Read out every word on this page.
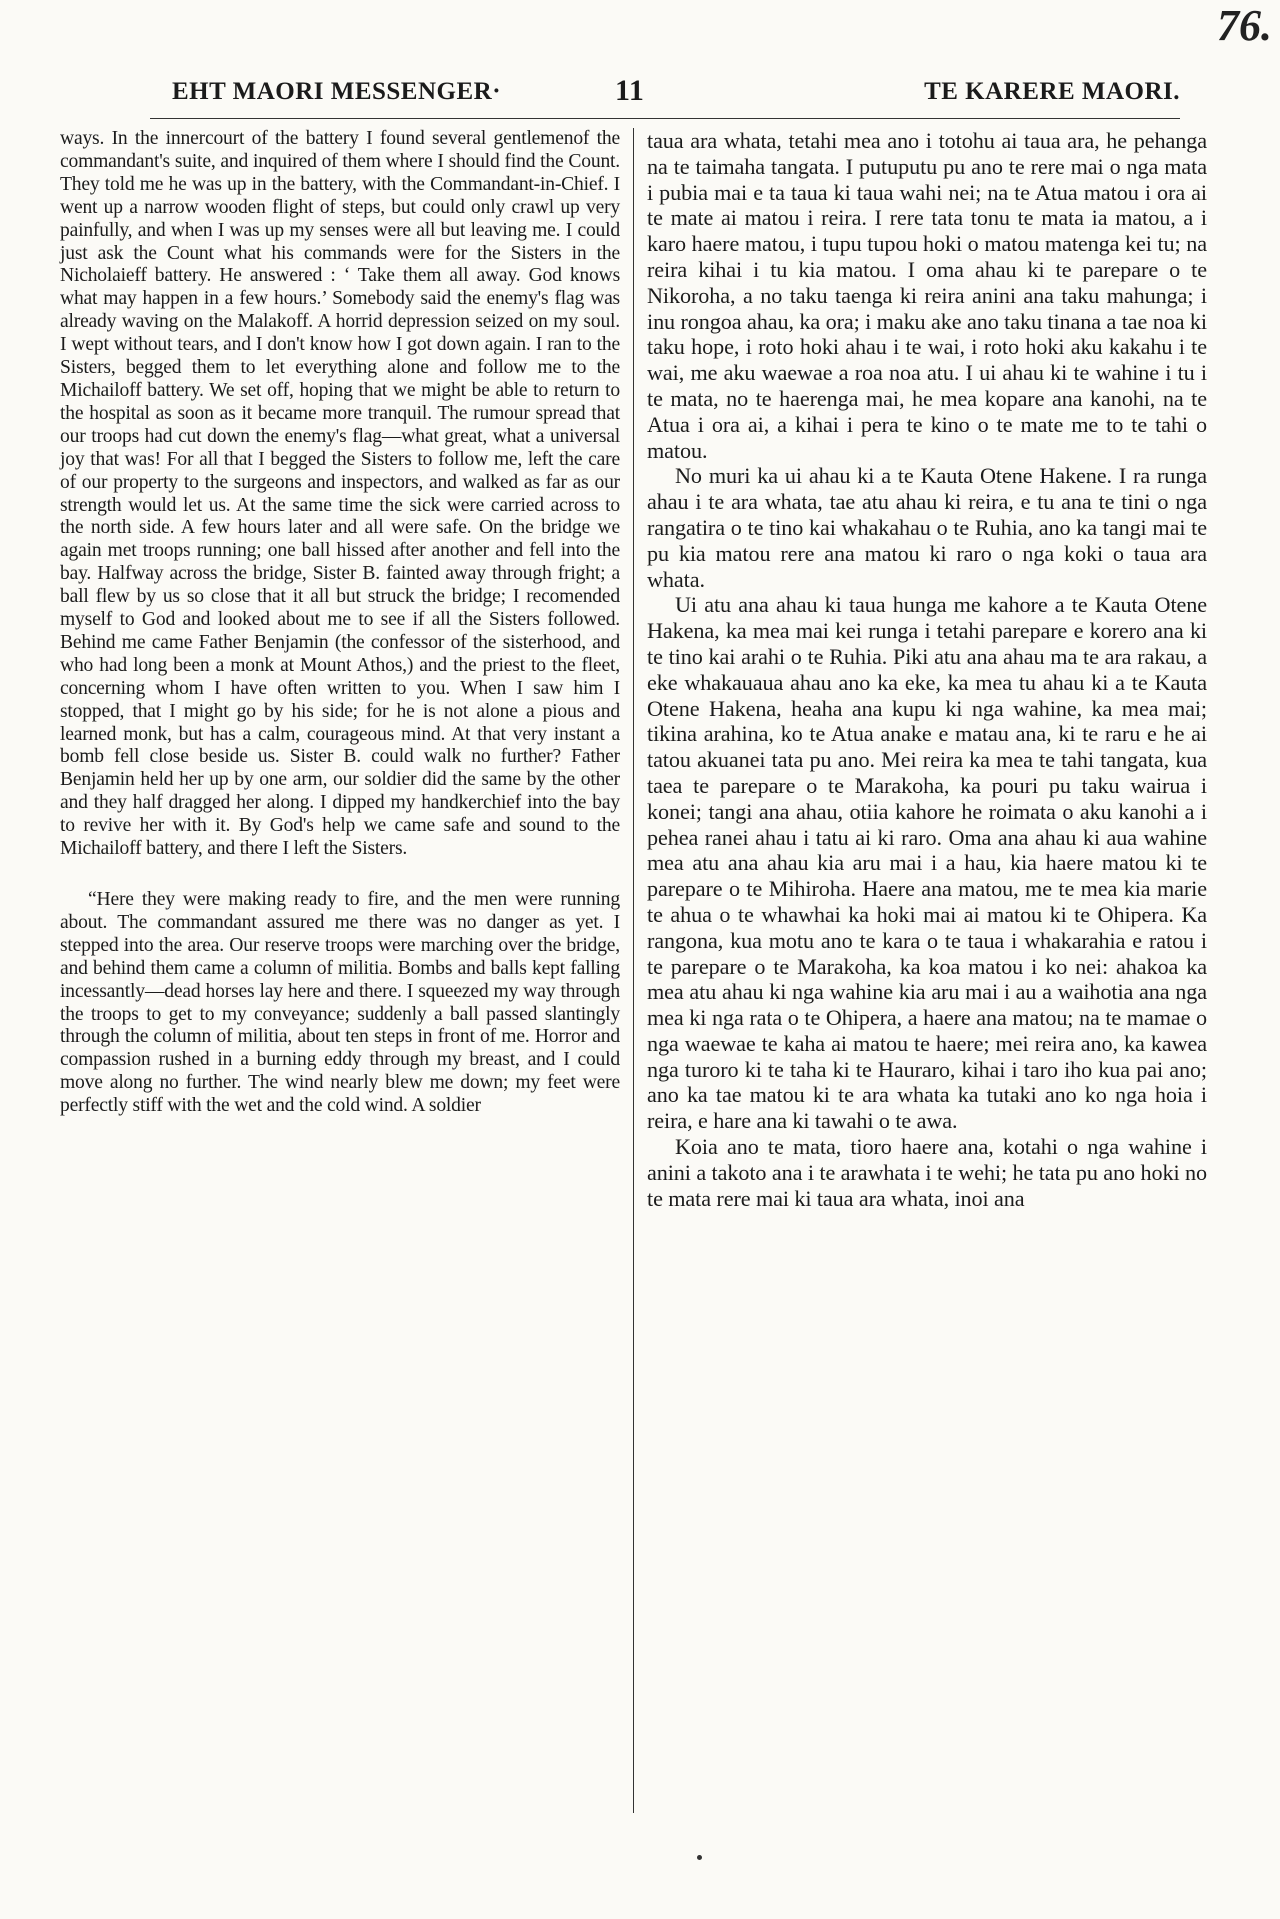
76.
EHT MAORI MESSENGER·	11	TE KARERE MAORI.

ways. In the innercourt of the battery I found several gentlemenof the commandant's suite, and inquired of them where I should find the Count. They told me he was up in the battery, with the Commandant-in-Chief. I went up a narrow wooden flight of steps, but could only crawl up very painfully, and when I was up my senses were all but leaving me. I could just ask the Count what his commands were for the Sisters in the Nicholaieff battery. He answered : ‘ Take them all away. God knows what may happen in a few hours.’ Somebody said the enemy's flag was already waving on the Malakoff. A horrid depression seized on my soul. I wept without tears, and I don't know how I got down again. I ran to the Sisters, begged them to let everything alone and follow me to the Michailoff battery. We set off, hoping that we might be able to return to the hospital as soon as it became more tranquil. The rumour spread that our troops had cut down the enemy's flag—what great, what a universal joy that was! For all that I begged the Sisters to follow me, left the care of our property to the surgeons and inspectors, and walked as far as our strength would let us. At the same time the sick were carried across to the north side. A few hours later and all were safe. On the bridge we again met troops running; one ball hissed after another and fell into the bay. Halfway across the bridge, Sister B. fainted away through fright; a ball flew by us so close that it all but struck the bridge; I recomended myself to God and looked about me to see if all the Sisters followed. Behind me came Father Benjamin (the confessor of the sisterhood, and who had long been a monk at Mount Athos,) and the priest to the fleet, concerning whom I have often written to you. When I saw him I stopped, that I might go by his side; for he is not alone a pious and learned monk, but has a calm, courageous mind. At that very instant a bomb fell close beside us. Sister B. could walk no further? Father Benjamin held her up by one arm, our soldier did the same by the other and they half dragged her along. I dipped my handkerchief into the bay to revive her with it. By God's help we came safe and sound to the Michailoff battery, and there I left the Sisters.

“Here they were making ready to fire, and the men were running about. The commandant assured me there was no danger as yet. I stepped into the area. Our reserve troops were marching over the bridge, and behind them came a column of militia. Bombs and balls kept falling incessantly—dead horses lay here and there. I squeezed my way through the troops to get to my conveyance; suddenly a ball passed slantingly through the column of militia, about ten steps in front of me. Horror and compassion rushed in a burning eddy through my breast, and I could move along no further. The wind nearly blew me down; my feet were perfectly stiff with the wet and the cold wind. A soldier

taua ara whata, tetahi mea ano i totohu ai taua ara, he pehanga na te taimaha tangata. I putuputu pu ano te rere mai o nga mata i pubia mai e ta taua ki taua wahi nei; na te Atua matou i ora ai te mate ai matou i reira. I rere tata tonu te mata ia matou, a i karo haere matou, i tupu tupou hoki o matou matenga kei tu; na reira kihai i tu kia matou. I oma ahau ki te parepare o te Nikoroha, a no taku taenga ki reira anini ana taku mahunga; i inu rongoa ahau, ka ora; i maku ake ano taku tinana a tae noa ki taku hope, i roto hoki ahau i te wai, i roto hoki aku kakahu i te wai, me aku waewae a roa noa atu. I ui ahau ki te wahine i tu i te mata, no te haerenga mai, he mea kopare ana kanohi, na te Atua i ora ai, a kihai i pera te kino o te mate me to te tahi o matou.

No muri ka ui ahau ki a te Kauta Otene Hakene. I ra runga ahau i te ara whata, tae atu ahau ki reira, e tu ana te tini o nga rangatira o te tino kai whakahau o te Ruhia, ano ka tangi mai te pu kia matou rere ana matou ki raro o nga koki o taua ara whata.

Ui atu ana ahau ki taua hunga me kahore a te Kauta Otene Hakena, ka mea mai kei runga i tetahi parepare e korero ana ki te tino kai arahi o te Ruhia. Piki atu ana ahau ma te ara rakau, a eke whakauaua ahau ano ka eke, ka mea tu ahau ki a te Kauta Otene Hakena, heaha ana kupu ki nga wahine, ka mea mai; tikina arahina, ko te Atua anake e matau ana, ki te raru e he ai tatou akuanei tata pu ano. Mei reira ka mea te tahi tangata, kua taea te parepare o te Marakoha, ka pouri pu taku wairua i konei; tangi ana ahau, otiia kahore he roimata o aku kanohi a i pehea ranei ahau i tatu ai ki raro. Oma ana ahau ki aua wahine mea atu ana ahau kia aru mai i a hau, kia haere matou ki te parepare o te Mihiroha. Haere ana matou, me te mea kia marie te ahua o te whawhai ka hoki mai ai matou ki te Ohipera. Ka rangona, kua motu ano te kara o te taua i whakarahia e ratou i te parepare o te Marakoha, ka koa matou i ko nei: ahakoa ka mea atu ahau ki nga wahine kia aru mai i au a waihotia ana nga mea ki nga rata o te Ohipera, a haere ana matou; na te mamae o nga waewae te kaha ai matou te haere; mei reira ano, ka kawea nga turoro ki te taha ki te Hauraro, kihai i taro iho kua pai ano; ano ka tae matou ki te ara whata ka tutaki ano ko nga hoia i reira, e hare ana ki tawahi o te awa.

Koia ano te mata, tioro haere ana, kotahi o nga wahine i anini a takoto ana i te arawhata i te wehi; he tata pu ano hoki no te mata rere mai ki taua ara whata, inoi ana
